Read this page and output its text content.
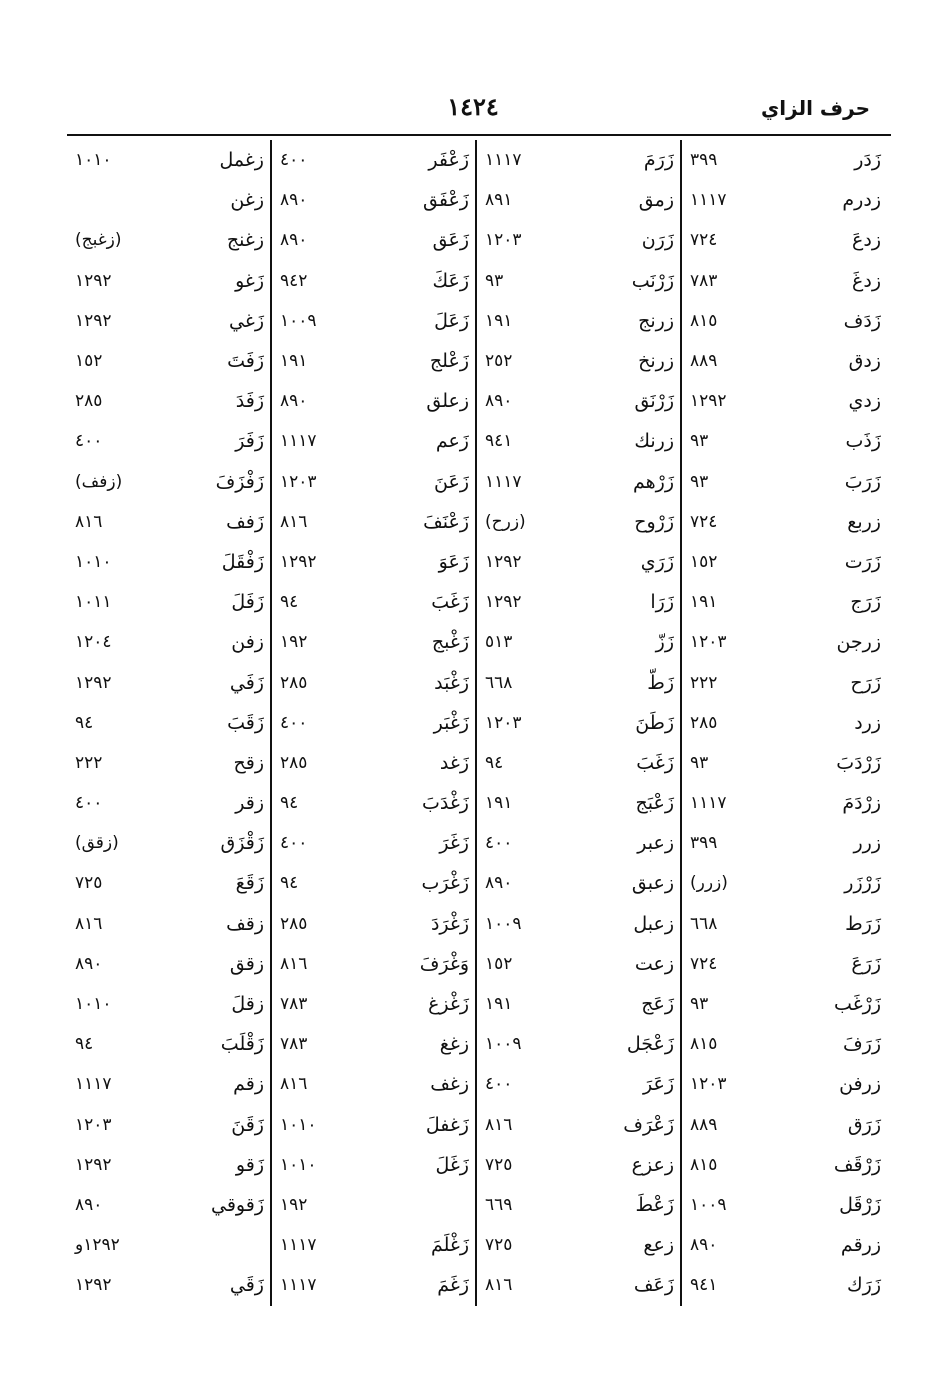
١٤٢٤	حرف الزاي
زَدَر
٣٩٩
زدرم
١١١٧
زدعَ
٧٢٤
زدغَ
٧٨٣
زَدَف
٨١٥
زدق
٨٨٩
زدي
١٢٩٢
زَذَب
٩٣
زَرَبَ
٩٣
زربع
٧٢٤
زَرَت
١٥٢
زَرَج
١٩١
زرجن
١٢٠٣
زَرَح
٢٢٢
زرد
٢٨٥
زَرْدَبَ
٩٣
زرْدَمَ
١١١٧
زرر
٣٩٩
زَرْزَر
(زرر)
زَرَط
٦٦٨
زَرَعَ
٧٢٤
زَرْغَب
٩٣
زَرَفَ
٨١٥
زرفن
١٢٠٣
زَرَق
٨٨٩
زَرْقَف
٨١٥
زَرْقَل
١٠٠٩
زرقم
٨٩٠
زَرَك
٩٤١
زَرَمَ
١١١٧
زمق
٨٩١
زَرَن
١٢٠٣
زَرْنَب
٩٣
زرنج
١٩١
زرنخ
٢٥٢
زَرْنَق
٨٩٠
زرنك
٩٤١
زَرْهم
١١١٧
زَرْوح
(زرح)
زَرَي
١٢٩٢
زَرَا
١٢٩٢
زَزّ
٥١٣
زَطّ
٦٦٨
زَطَنَ
١٢٠٣
زَغَبَ
٩٤
زَعْبَج
١٩١
زعبر
٤٠٠
زعبق
٨٩٠
زعبل
١٠٠٩
زعت
١٥٢
زَعَج
١٩١
زَعْجَل
١٠٠٩
زَعَرَ
٤٠٠
زَعْرَف
٨١٦
زعزع
٧٢٥
زَعْطَ
٦٦٩
زعع
٧٢٥
زَعَف
٨١٦
زَعْفَر
٤٠٠
زَعْفَق
٨٩٠
زَعَق
٨٩٠
زَعَكَ
٩٤٢
زَعَلَ
١٠٠٩
زَعْلج
١٩١
زعلق
٨٩٠
زَعم
١١١٧
زَعَنَ
١٢٠٣
زَعْنَفَ
٨١٦
زَعَوَ
١٢٩٢
زَغَبَ
٩٤
زَغْبج
١٩٢
زَغْبَد
٢٨٥
زَغْبَر
٤٠٠
زَغد
٢٨٥
زَغْدَبَ
٩٤
زَغَرَ
٤٠٠
زَغْرَب
٩٤
زَغْرَدَ
٢٨٥
وَغْرَفَ
٨١٦
زَغْزغ
٧٨٣
زغغ
٧٨٣
زغف
٨١٦
زَغفلَ
١٠١٠
زَغَلَ
١٠١٠
١٩٢
زَغْلَمَ
١١١٧
زَغَمَ
١١١٧
زغمل
١٠١٠
زغن
زغنج
(زغبج)
زَغو
١٢٩٢
زَغي
١٢٩٢
زَفَتَ
١٥٢
زَفَدَ
٢٨٥
زَفَرَ
٤٠٠
زَفْزَفَ
(زفف)
زَفف
٨١٦
زَفْقَلَ
١٠١٠
زَفَلَ
١٠١١
زفن
١٢٠٤
زَفَي
١٢٩٢
زَقَبَ
٩٤
زقح
٢٢٢
زقر
٤٠٠
زَقْزَق
(زقق)
زَقَعَ
٧٢٥
زقف
٨١٦
زقق
٨٩٠
زقلَ
١٠١٠
زَقْلَبَ
٩٤
زقم
١١١٧
زَقَنَ
١٢٠٣
زَقو
١٢٩٢
زَقوقي
٨٩٠
١٢٩٢و
زَقَي
١٢٩٢
